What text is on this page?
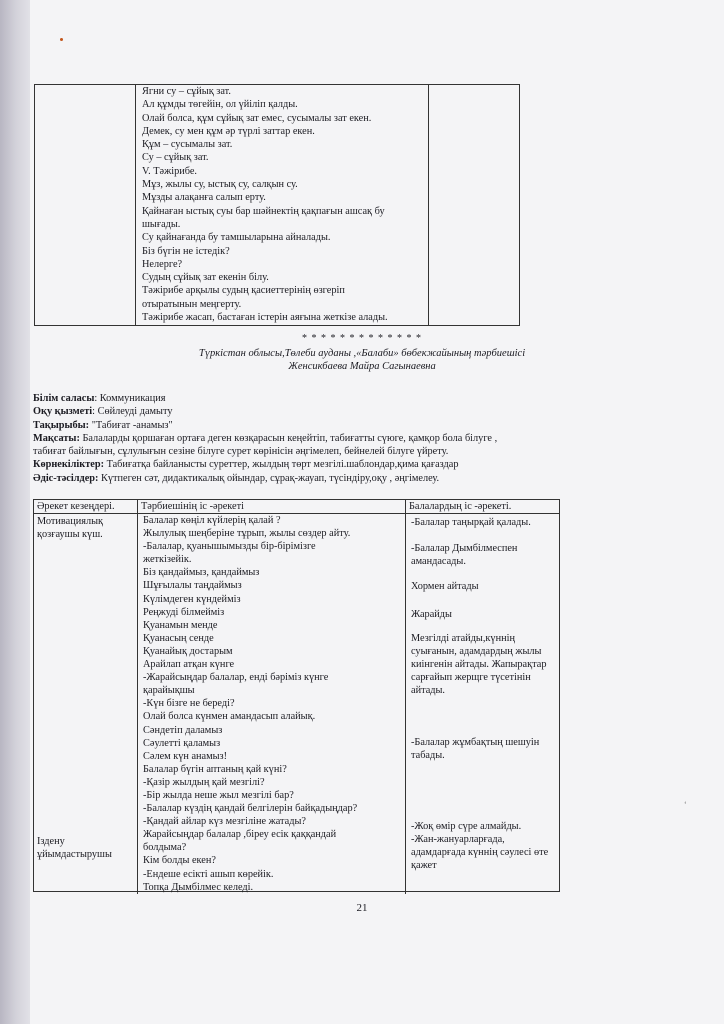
ʻ
Ягни су – сұйық зат.
Ал құмды төгейін, ол үйіліп қалды.
Олай болса, құм сұйық зат емес, сусымалы зат екен.
Демек, су мен құм әр түрлі заттар екен.
Құм – сусымалы зат.
Су – сұйық зат.
V. Тәжірибе.
Мұз, жылы су, ыстық су, салқын су.
Мұзды алақанға салып ерту.
Қайнаған ыстық суы бар шәйнектің қақпағын ашсақ бу
шығады.
Су қайнағанда бу тамшыларына айналады.
Біз бүгін не істедік?
Нелерге?
Судың сұйық зат екенін білу.
Тәжірибе арқылы судың қасиеттерінің өзгеріп
отыратынын меңгерту.
Тәжірибе жасап, бастаған істерін аяғына жеткізе алады.
* * * * * * * * * * * * *
Түркістан облысы,Төлеби ауданы ,«Балаби» бөбекжайының тәрбиешісі
Женсикбаева Майра Сагынаевна
Білім саласы: Коммуникация
Оқу қызметі: Сөйлеуді дамыту
Тақырыбы: "Табиғат -анамыз"
Мақсаты: Балаларды қоршаған ортаға деген көзқарасын кеңейтіп, табиғатты сүюге, қамқор бола білуге ,
табиғат байлығын, сұлулығын сезіне білуге сурет көрінісін әңгімелеп, бейнелей білуге үйрету.
Көрнекіліктер: Табиғатқа байланысты суреттер, жылдың төрт мезгілі.шаблондар,қима қағаздар
Әдіс-тәсілдер: Күтпеген сәт, дидактикалық ойындар, сұрақ-жауап, түсіндіру,оқу , әңгімелеу.
Әрекет кезеңдері.	Тәрбиешінің іс -әрекеті	Балалардың іс -әрекеті.
Мотивациялық
қозғаушы күш.
Іздену
ұйымдастырушы
Балалар көңіл күйлерің қалай ?
Жылулық шеңберіне тұрып, жылы сөздер айту.
-Балалар, қуанышымызды бір-бірімізге
жеткізейік.
Біз қандаймыз, қандаймыз
Шұғылалы таңдаймыз
Күлімдеген күндейміз
Реңжуді білмейміз
Қуанамын менде
Қуанасың сенде
Қуанайық достарым
Арайлап атқан күнге
-Жарайсыңдар балалар, енді бәріміз күнге
қарайықшы
-Күн бізге не береді?
Олай болса күнмен амандасып алайық.
Сәндетіп даламыз
Сәулетті қаламыз
Сәлем күн анамыз!
Балалар бүгін аптаның қай күні?
-Қазір жылдың қай мезгілі?
-Бір жылда неше жыл мезгілі бар?
-Балалар күздің қандай белгілерін байқадыңдар?
-Қандай айлар күз мезгіліне жатады?
Жарайсыңдар балалар ,біреу есік қаққандай
болдыма?
Кім болды екен?
-Ендеше есікті ашып көрейік.
Топқа Дымбілмес келеді.
-Балалар таңырқай қалады.
-Балалар Дымбілмеспен
амандасады.
Хормен айтады
Жарайды
Мезгілді атайды,күннің
суығанын, адамдардың жылы
киінгенін айтады. Жапырақтар
сарғайып жерщге түсетінін
айтады.
-Балалар жұмбақтың шешуін
табады.
-Жоқ өмір сүре алмайды.
-Жан-жануарларғада,
адамдарғада күннің сәулесі өте
қажет
21
